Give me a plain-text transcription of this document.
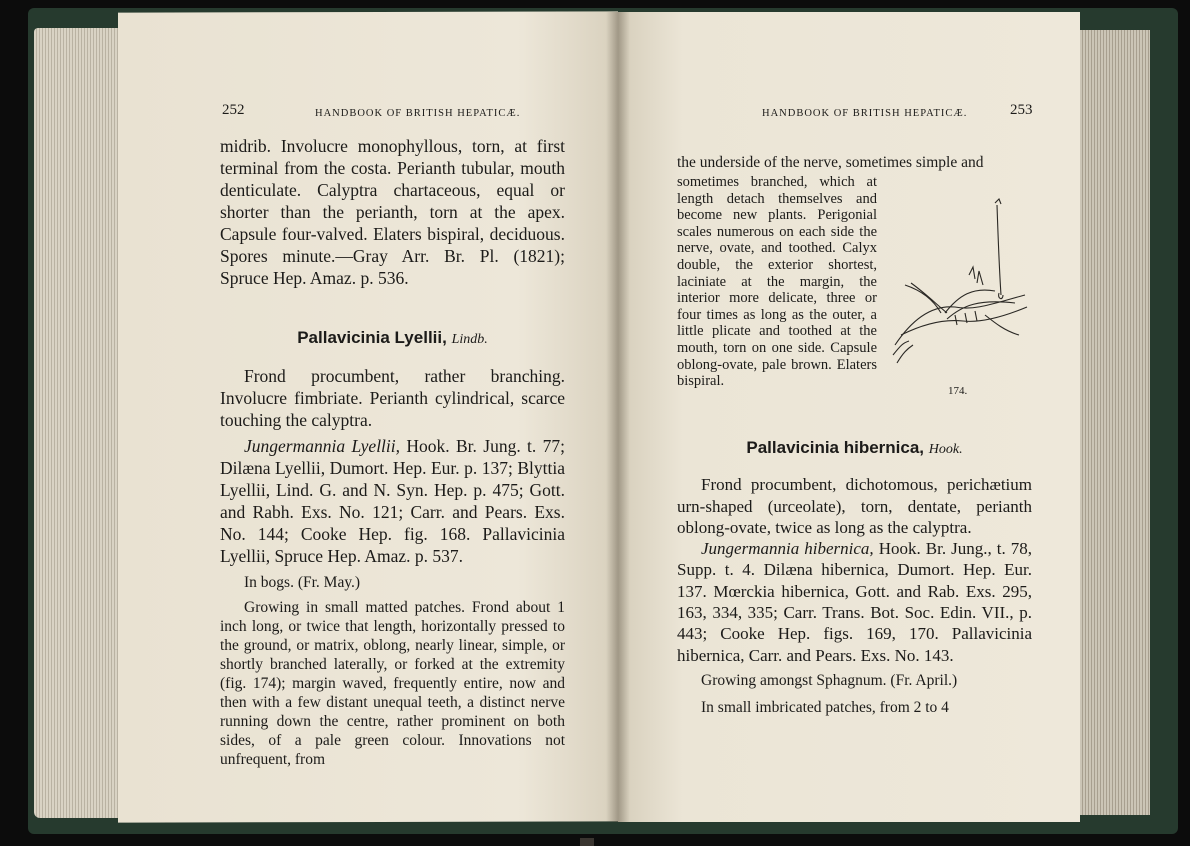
252	HANDBOOK OF BRITISH HEPATICÆ.

midrib. Involucre monophyllous, torn, at first terminal from the costa. Perianth tubular, mouth denticulate. Calyptra chartaceous, equal or shorter than the perianth, torn at the apex. Capsule four-valved. Elaters bispiral, deciduous. Spores minute.—Gray Arr. Br. Pl. (1821); Spruce Hep. Amaz. p. 536.

Pallavicinia Lyellii, Lindb.

Frond procumbent, rather branching. Involucre fimbriate. Perianth cylindrical, scarce touching the calyptra.

Jungermannia Lyellii, Hook. Br. Jung. t. 77; Dilæna Lyellii, Dumort. Hep. Eur. p. 137; Blyttia Lyellii, Lind. G. and N. Syn. Hep. p. 475; Gott. and Rabh. Exs. No. 121; Carr. and Pears. Exs. No. 144; Cooke Hep. fig. 168. Pallavicinia Lyellii, Spruce Hep. Amaz. p. 537.

In bogs. (Fr. May.)

Growing in small matted patches. Frond about 1 inch long, or twice that length, horizontally pressed to the ground, or matrix, oblong, nearly linear, simple, or shortly branched laterally, or forked at the extremity (fig. 174); margin waved, frequently entire, now and then with a few distant unequal teeth, a distinct nerve running down the centre, rather prominent on both sides, of a pale green colour. Innovations not unfrequent, from

HANDBOOK OF BRITISH HEPATICÆ.	253

the underside of the nerve, sometimes simple and

sometimes branched, which at length detach themselves and become new plants. Perigonial scales numerous on each side the nerve, ovate, and toothed. Calyx double, the exterior shortest, laciniate at the margin, the interior more delicate, three or four times as long as the outer, a little plicate and toothed at the mouth, torn on one side. Capsule oblong-ovate, pale brown. Elaters bispiral.
174.
Pallavicinia hibernica, Hook.

Frond procumbent, dichotomous, perichætium urn-shaped (urceolate), torn, dentate, perianth oblong-ovate, twice as long as the calyptra.

Jungermannia hibernica, Hook. Br. Jung., t. 78, Supp. t. 4. Dilæna hibernica, Dumort. Hep. Eur. 137. Mœrckia hibernica, Gott. and Rab. Exs. 295, 163, 334, 335; Carr. Trans. Bot. Soc. Edin. VII., p. 443; Cooke Hep. figs. 169, 170. Pallavicinia hibernica, Carr. and Pears. Exs. No. 143.

Growing amongst Sphagnum. (Fr. April.)

In small imbricated patches, from 2 to 4
